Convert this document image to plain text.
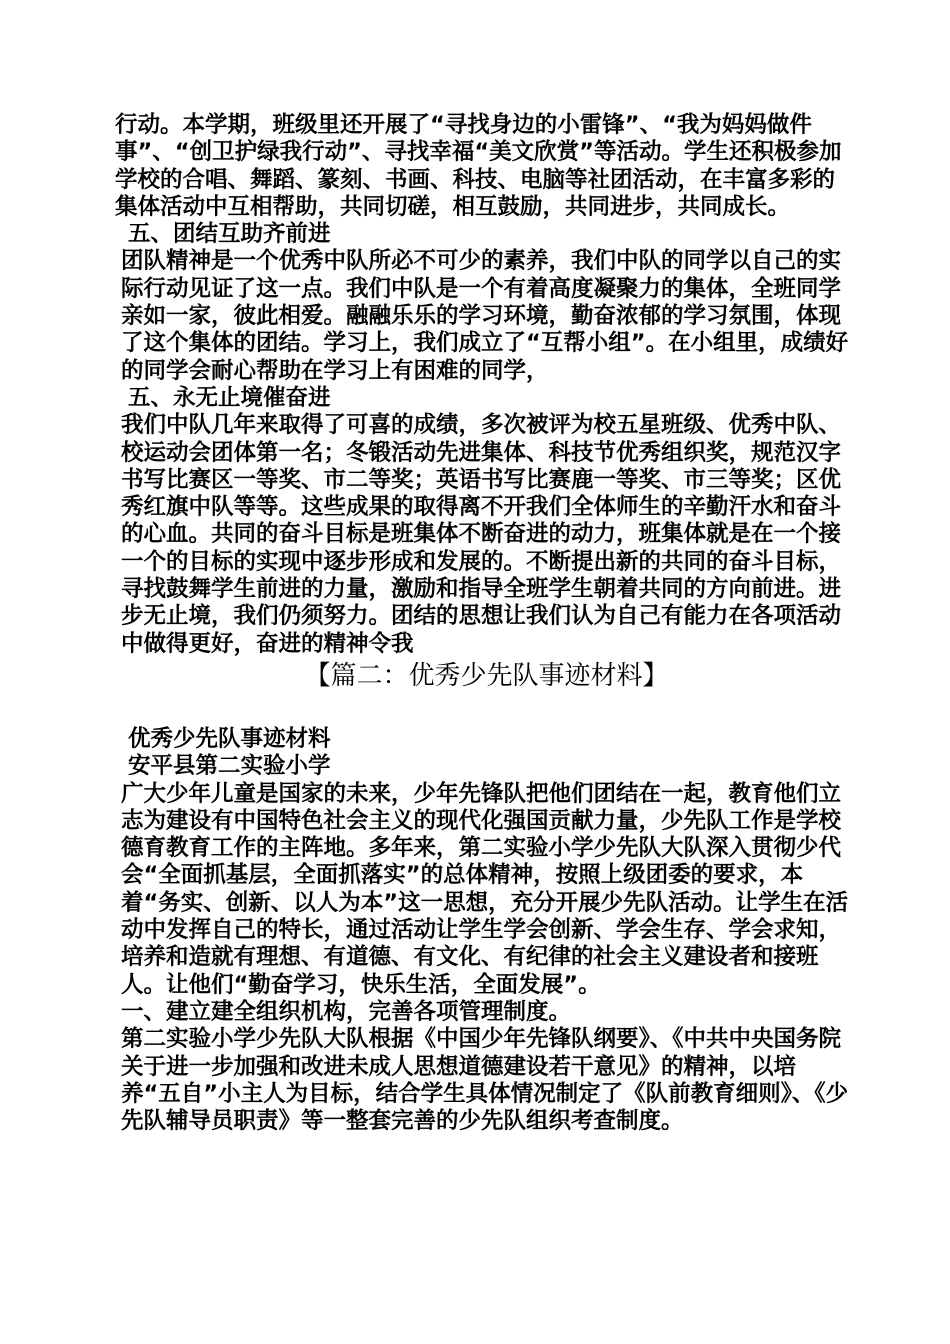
行动。本学期，班级里还开展了“寻找身边的小雷锋”、“我为妈妈做件事”、“创卫护绿我行动”、寻找幸福“美文欣赏”等活动。学生还积极参加学校的合唱、舞蹈、篆刻、书画、科技、电脑等社团活动，在丰富多彩的集体活动中互相帮助，共同切磋，相互鼓励，共同进步，共同成长。

五、团结互助齐前进

团队精神是一个优秀中队所必不可少的素养，我们中队的同学以自己的实际行动见证了这一点。我们中队是一个有着高度凝聚力的集体，全班同学亲如一家，彼此相爱。融融乐乐的学习环境，勤奋浓郁的学习氛围，体现了这个集体的团结。学习上，我们成立了“互帮小组”。在小组里，成绩好的同学会耐心帮助在学习上有困难的同学，

五、永无止境催奋进

我们中队几年来取得了可喜的成绩，多次被评为校五星班级、优秀中队、校运动会团体第一名；冬锻活动先进集体、科技节优秀组织奖，规范汉字书写比赛区一等奖、市二等奖；英语书写比赛鹿一等奖、市三等奖；区优秀红旗中队等等。这些成果的取得离不开我们全体师生的辛勤汗水和奋斗的心血。共同的奋斗目标是班集体不断奋进的动力，班集体就是在一个接一个的目标的实现中逐步形成和发展的。不断提出新的共同的奋斗目标，寻找鼓舞学生前进的力量，激励和指导全班学生朝着共同的方向前进。进步无止境，我们仍须努力。团结的思想让我们认为自己有能力在各项活动中做得更好，奋进的精神令我

【篇二：优秀少先队事迹材料】

优秀少先队事迹材料

安平县第二实验小学

广大少年儿童是国家的未来，少年先锋队把他们团结在一起，教育他们立志为建设有中国特色社会主义的现代化强国贡献力量，少先队工作是学校德育教育工作的主阵地。多年来，第二实验小学少先队大队深入贯彻少代会“全面抓基层，全面抓落实”的总体精神，按照上级团委的要求，本着“务实、创新、以人为本”这一思想，充分开展少先队活动。让学生在活动中发挥自己的特长，通过活动让学生学会创新、学会生存、学会求知，培养和造就有理想、有道德、有文化、有纪律的社会主义建设者和接班人。让他们“勤奋学习，快乐生活，全面发展”。

一、建立建全组织机构，完善各项管理制度。

第二实验小学少先队大队根据《中国少年先锋队纲要》、《中共中央国务院关于进一步加强和改进未成人思想道德建设若干意见》的精神，以培养“五自”小主人为目标，结合学生具体情况制定了《队前教育细则》、《少先队辅导员职责》等一整套完善的少先队组织考查制度。
